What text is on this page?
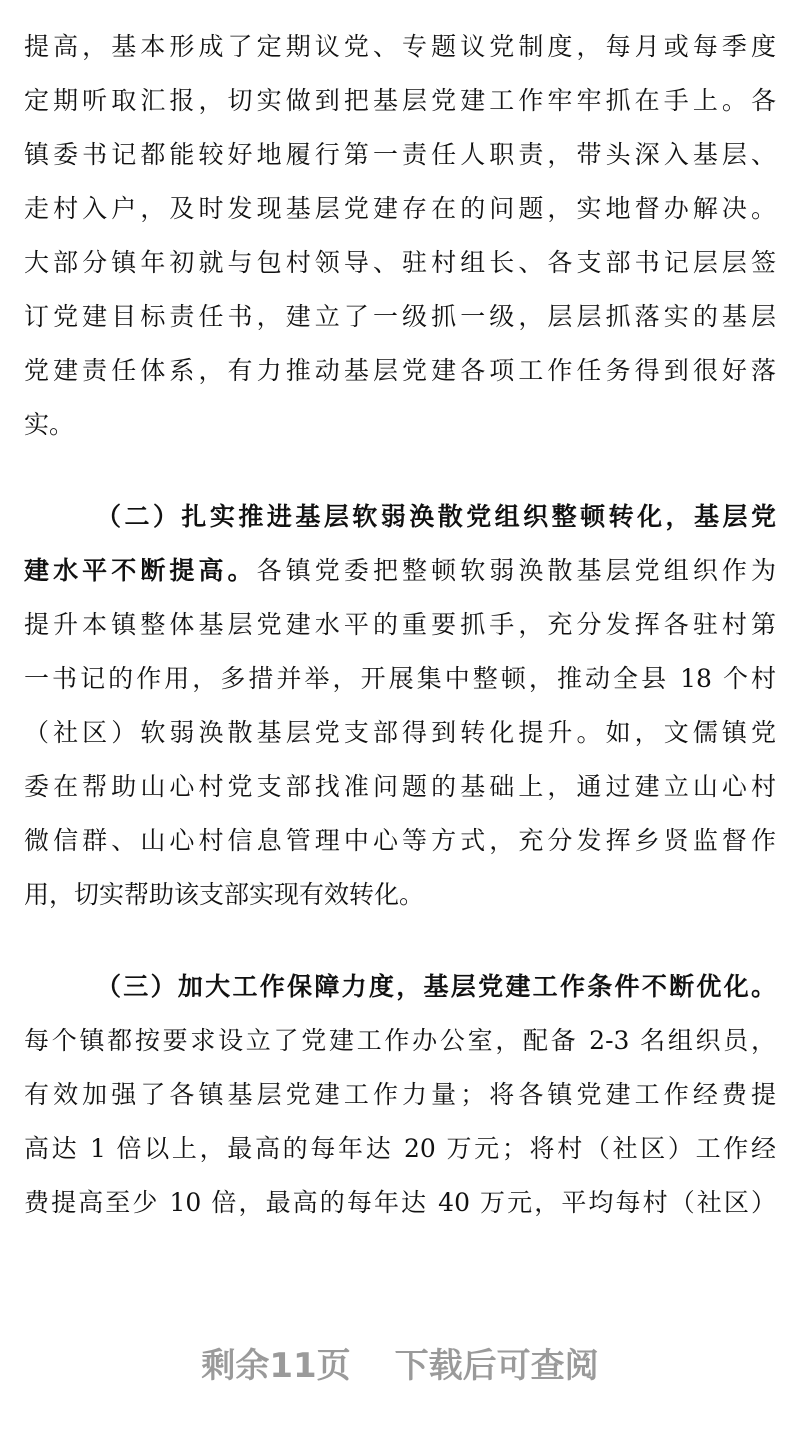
提高，基本形成了定期议党、专题议党制度，每月或每季度
定期听取汇报，切实做到把基层党建工作牢牢抓在手上。各
镇委书记都能较好地履行第一责任人职责，带头深入基层、
走村入户，及时发现基层党建存在的问题，实地督办解决。
大部分镇年初就与包村领导、驻村组长、各支部书记层层签
订党建目标责任书，建立了一级抓一级，层层抓落实的基层
党建责任体系，有力推动基层党建各项工作任务得到很好落
实。
（二）扎实推进基层软弱涣散党组织整顿转化，基层党
建水平不断提高。各镇党委把整顿软弱涣散基层党组织作为
提升本镇整体基层党建水平的重要抓手，充分发挥各驻村第
一书记的作用，多措并举，开展集中整顿，推动全县 18 个村
（社区）软弱涣散基层党支部得到转化提升。如，文儒镇党
委在帮助山心村党支部找准问题的基础上，通过建立山心村
微信群、山心村信息管理中心等方式，充分发挥乡贤监督作
用，切实帮助该支部实现有效转化。
（三）加大工作保障力度，基层党建工作条件不断优化。
每个镇都按要求设立了党建工作办公室，配备 2-3 名组织员，
有效加强了各镇基层党建工作力量；将各镇党建工作经费提
高达 1 倍以上，最高的每年达 20 万元；将村（社区）工作经
费提高至少 10 倍，最高的每年达 40 万元，平均每村（社区）
剩余11页 下载后可查阅
